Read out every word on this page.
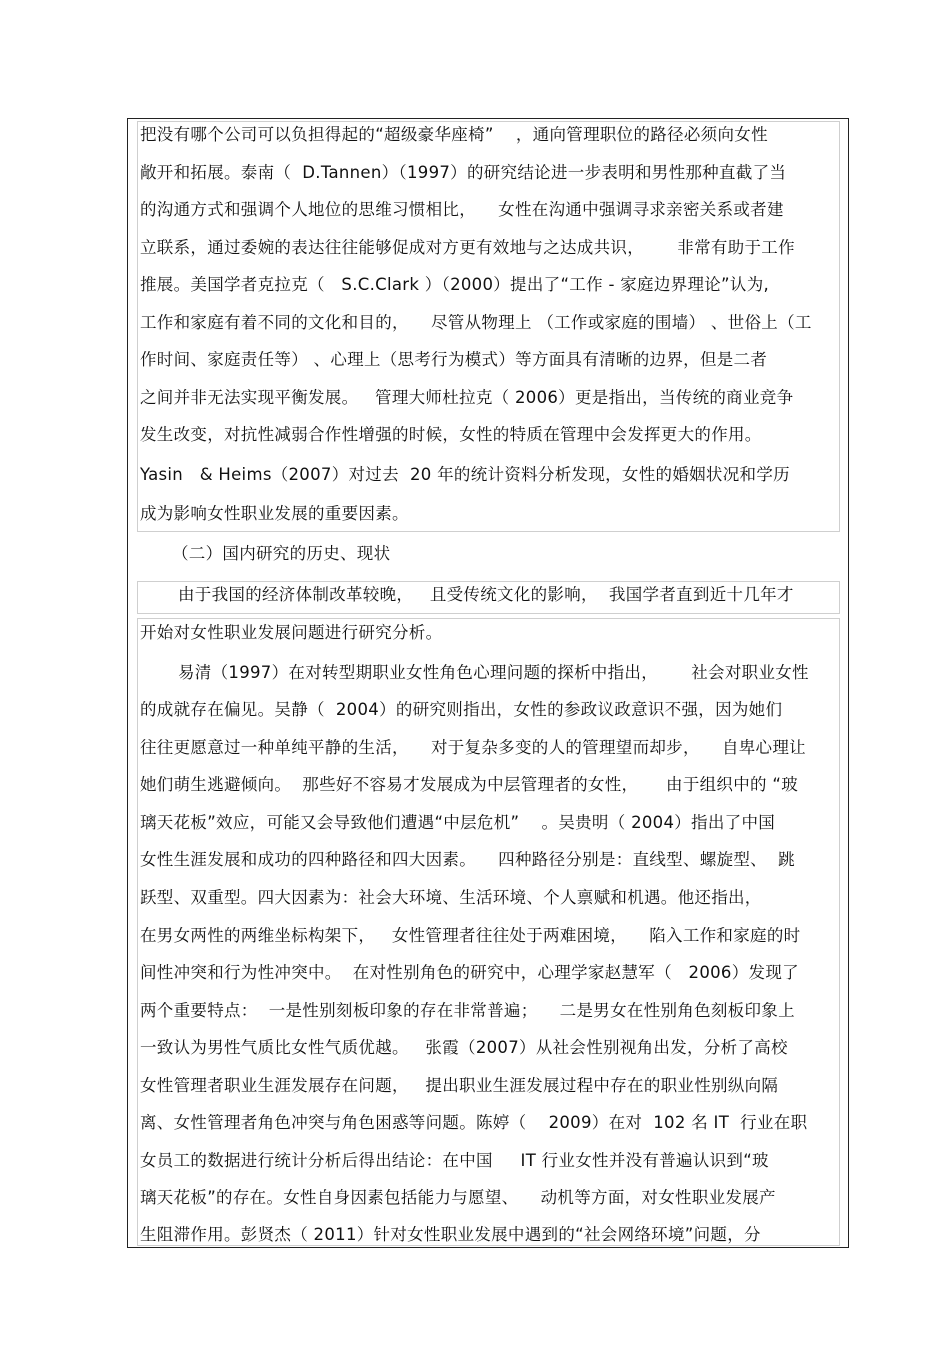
把没有哪个公司可以负担得起的“超级豪华座椅”    ，通向管理职位的路径必须向女性
敞开和拓展。泰南（  D.Tannen）（1997）的研究结论进一步表明和男性那种直截了当
的沟通方式和强调个人地位的思维习惯相比，    女性在沟通中强调寻求亲密关系或者建
立联系，通过委婉的表达往往能够促成对方更有效地与之达成共识，      非常有助于工作
推展。美国学者克拉克（   S.C.Clark ）（2000）提出了“工作 - 家庭边界理论”认为,
工作和家庭有着不同的文化和目的，    尽管从物理上 （工作或家庭的围墙） 、世俗上（工
作时间、家庭责任等） 、心理上（思考行为模式）等方面具有清晰的边界，但是二者
之间并非无法实现平衡发展。   管理大师杜拉克（ 2006）更是指出，当传统的商业竞争
发生改变，对抗性减弱合作性增强的时候，女性的特质在管理中会发挥更大的作用。
Yasin   & Heims（2007）对过去  20 年的统计资料分析发现，女性的婚姻状况和学历
成为影响女性职业发展的重要因素。
（二）国内研究的历史、现状
由于我国的经济体制改革较晚，   且受传统文化的影响，  我国学者直到近十几年才
开始对女性职业发展问题进行研究分析。
易清（1997）在对转型期职业女性角色心理问题的探析中指出，      社会对职业女性
的成就存在偏见。吴静（  2004）的研究则指出，女性的参政议政意识不强，因为她们
往往更愿意过一种单纯平静的生活，    对于复杂多变的人的管理望而却步，    自卑心理让
她们萌生逃避倾向。  那些好不容易才发展成为中层管理者的女性，     由于组织中的 “玻
璃天花板”效应，可能又会导致他们遭遇“中层危机”    。吴贵明（ 2004）指出了中国
女性生涯发展和成功的四种路径和四大因素。    四种路径分别是：直线型、螺旋型、  跳
跃型、双重型。四大因素为：社会大环境、生活环境、个人禀赋和机遇。他还指出，
在男女两性的两维坐标构架下，   女性管理者往往处于两难困境，    陷入工作和家庭的时
间性冲突和行为性冲突中。  在对性别角色的研究中，心理学家赵慧军（   2006）发现了
两个重要特点：  一是性别刻板印象的存在非常普遍；    二是男女在性别角色刻板印象上
一致认为男性气质比女性气质优越。   张霞（2007）从社会性别视角出发，分析了高校
女性管理者职业生涯发展存在问题，   提出职业生涯发展过程中存在的职业性别纵向隔
离、女性管理者角色冲突与角色困惑等问题。陈婷（    2009）在对  102 名 IT  行业在职
女员工的数据进行统计分析后得出结论：在中国     IT 行业女性并没有普遍认识到“玻
璃天花板”的存在。女性自身因素包括能力与愿望、    动机等方面，对女性职业发展产
生阻滞作用。彭贤杰（ 2011）针对女性职业发展中遇到的“社会网络环境”问题，分
